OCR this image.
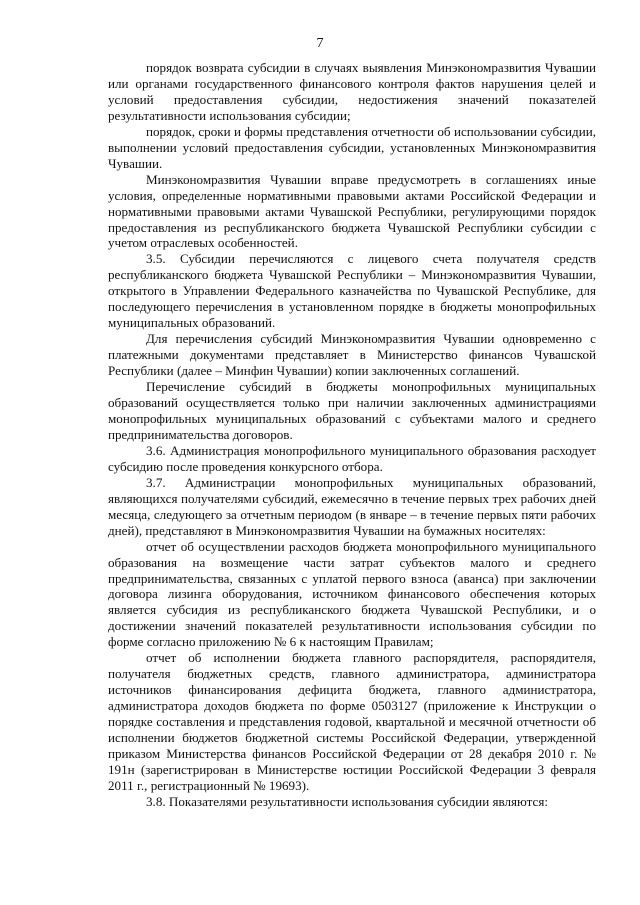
7

порядок возврата субсидии в случаях выявления Минэкономразвития Чувашии или органами государственного финансового контроля фактов нарушения целей и условий предоставления субсидии, недостижения значений показателей результативности использования субсидии;

порядок, сроки и формы представления отчетности об использовании субсидии, выполнении условий предоставления субсидии, установленных Минэкономразвития Чувашии.

Минэкономразвития Чувашии вправе предусмотреть в соглашениях иные условия, определенные нормативными правовыми актами Российской Федерации и нормативными правовыми актами Чувашской Республики, регулирующими порядок предоставления из республиканского бюджета Чувашской Республики субсидии с учетом отраслевых особенностей.

3.5. Субсидии перечисляются с лицевого счета получателя средств республиканского бюджета Чувашской Республики – Минэкономразвития Чувашии, открытого в Управлении Федерального казначейства по Чувашской Республике, для последующего перечисления в установленном порядке в бюджеты монопрофильных муниципальных образований.

Для перечисления субсидий Минэкономразвития Чувашии одновременно с платежными документами представляет в Министерство финансов Чувашской Республики (далее – Минфин Чувашии) копии заключенных соглашений.

Перечисление субсидий в бюджеты монопрофильных муниципальных образований осуществляется только при наличии заключенных администрациями монопрофильных муниципальных образований с субъектами малого и среднего предпринимательства договоров.

3.6. Администрация монопрофильного муниципального образования расходует субсидию после проведения конкурсного отбора.

3.7. Администрации монопрофильных муниципальных образований, являющихся получателями субсидий, ежемесячно в течение первых трех рабочих дней месяца, следующего за отчетным периодом (в январе – в течение первых пяти рабочих дней), представляют в Минэкономразвития Чувашии на бумажных носителях:

отчет об осуществлении расходов бюджета монопрофильного муниципального образования на возмещение части затрат субъектов малого и среднего предпринимательства, связанных с уплатой первого взноса (аванса) при заключении договора лизинга оборудования, источником финансового обеспечения которых является субсидия из республиканского бюджета Чувашской Республики, и о достижении значений показателей результативности использования субсидии по форме согласно приложению № 6 к настоящим Правилам;

отчет об исполнении бюджета главного распорядителя, распорядителя, получателя бюджетных средств, главного администратора, администратора источников финансирования дефицита бюджета, главного администратора, администратора доходов бюджета по форме 0503127 (приложение к Инструкции о порядке составления и представления годовой, квартальной и месячной отчетности об исполнении бюджетов бюджетной системы Российской Федерации, утвержденной приказом Министерства финансов Российской Федерации от 28 декабря 2010 г. № 191н (зарегистрирован в Министерстве юстиции Российской Федерации 3 февраля 2011 г., регистрационный № 19693).

3.8. Показателями результативности использования субсидии являются:
